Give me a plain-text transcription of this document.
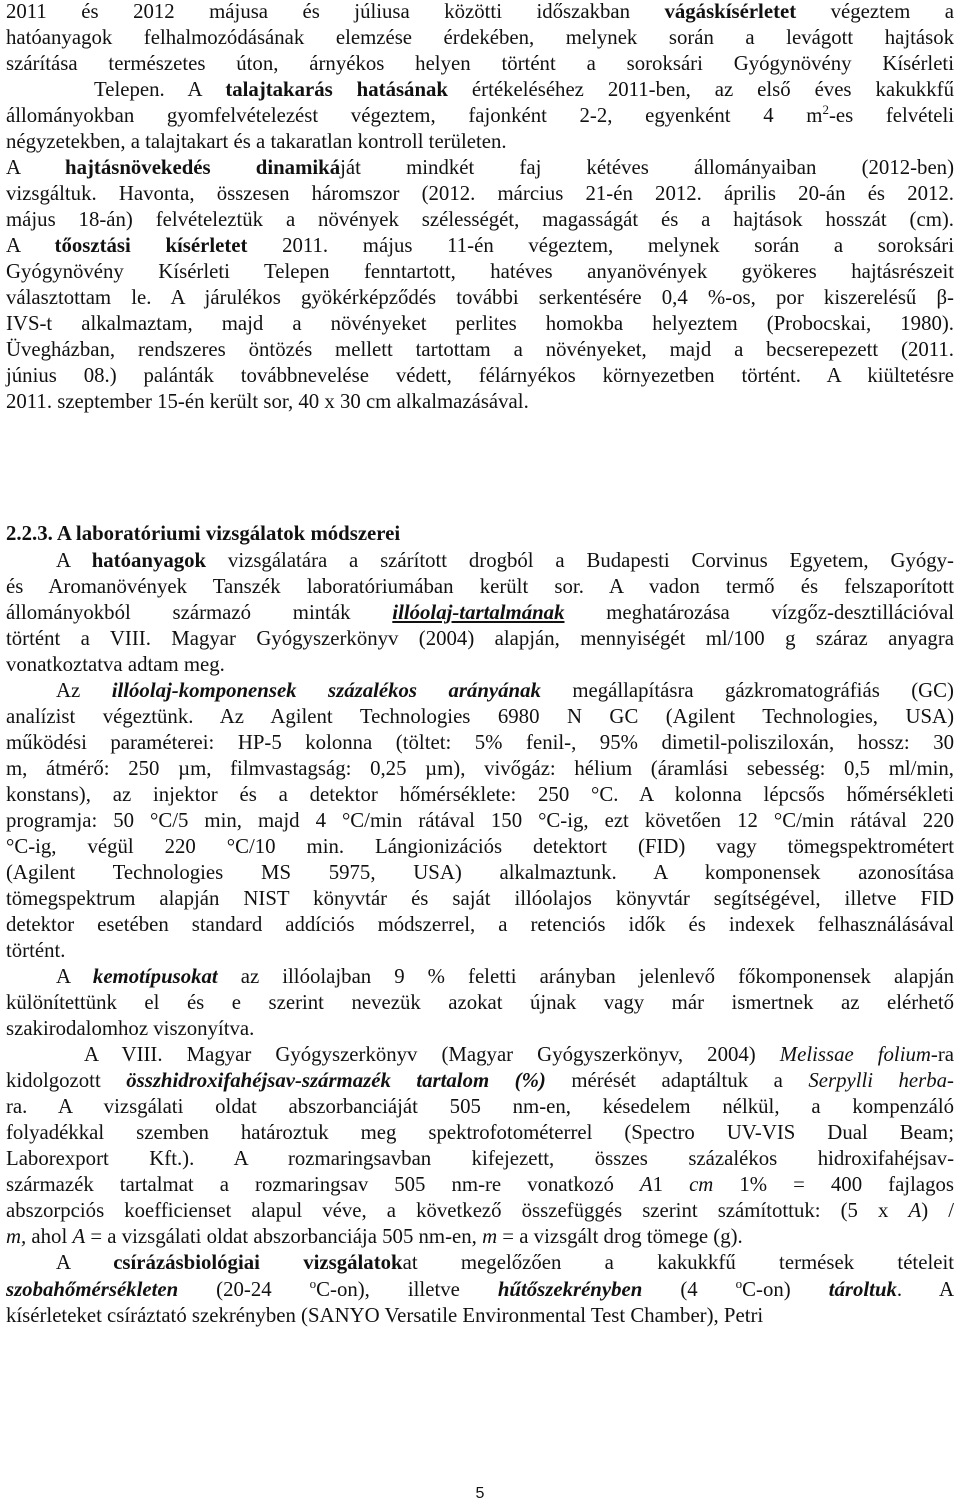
2011 és 2012 májusa és júliusa közötti időszakban vágáskísérletet végeztem a
hatóanyagok felhalmozódásának elemzése érdekében, melynek során a levágott hajtások
szárítása természetes úton, árnyékos helyen történt a soroksári Gyógynövény Kísérleti
Telepen. A talajtakarás hatásának értékeléséhez 2011-ben, az első éves kakukkfű
állományokban gyomfelvételezést végeztem, fajonként 2-2, egyenként 4 $m^2-es$ felvételi
négyzetekben, a talajtakart és a takaratlan kontroll területen.
A hajtásnövekedés dinamikáját mindkét faj kétéves állományaiban (2012-ben)
vizsgáltuk. Havonta, összesen háromszor (2012. március 21-én 2012. április 20-án és 2012.
május 18-án) felvételeztük a növények szélességét, magasságát és a hajtások hosszát (cm).
A tőosztási kísérletet 2011. május 11-én végeztem, melynek során a soroksári
Gyógynövény Kísérleti Telepen fenntartott, hatéves anyanövények gyökeres hajtásrészeit
választottam le. A járulékos gyökérképződés további serkentésére 0,4 %-os, por kiszerelésű β-
IVS-t alkalmaztam, majd a növényeket perlites homokba helyeztem (Probocskai, 1980).
Üvegházban, rendszeres öntözés mellett tartottam a növényeket, majd a becserepezett (2011.
június 08.) palánták továbbnevelése védett, félárnyékos környezetben történt. A kiültetésre
2011. szeptember 15-én került sor, 40 x 30 cm alkalmazásával.
A hatóanyagok vizsgálatára a szárított drogból a Budapesti Corvinus Egyetem, Gyógy-
és Aromanövények Tanszék laboratóriumában került sor. A vadon termő és felszaporított
állományokból származó minták illóolaj-tartalmának meghatározása vízgőz-desztillációval
történt a VIII. Magyar Gyógyszerkönyv (2004) alapján, mennyiségét ml/100 g száraz anyagra
vonatkoztatva adtam meg.
Az illóolaj-komponensek százalékos arányának megállapításra gázkromatográfiás (GC)
analízist végeztünk. Az Agilent Technologies 6980 N GC (Agilent Technologies, USA)
működési paraméterei: HP-5 kolonna (töltet: 5% fenil-, 95% dimetil-polisziloxán, hossz: 30
m, átmérő: 250 µm, filmvastagság: 0,25 µm), vivőgáz: hélium (áramlási sebesség: 0,5 ml/min,
konstans), az injektor és a detektor hőmérséklete: 250 °C. A kolonna lépcsős hőmérsékleti
programja: 50 °C/5 min, majd 4 °C/min rátával 150 °C-ig, ezt követően 12 °C/min rátával 220
°C-ig, végül 220 °C/10 min. Lángionizációs detektort (FID) vagy tömegspektrométert
(Agilent Technologies MS 5975, USA) alkalmaztunk. A komponensek azonosítása
tömegspektrum alapján NIST könyvtár és saját illóolajos könyvtár segítségével, illetve FID
detektor esetében standard addíciós módszerrel, a retenciós idők és indexek felhasználásával
történt.
A kemotípusokat az illóolajban 9 % feletti arányban jelenlevő főkomponensek alapján
különítettünk el és e szerint nevezük azokat újnak vagy már ismertnek az elérhető
szakirodalomhoz viszonyítva.
A VIII. Magyar Gyógyszerkönyv (Magyar Gyógyszerkönyv, 2004) Melissae folium-ra
kidolgozott összhidroxifahéjsav-származék tartalom (%) mérését adaptáltuk a Serpylli herba-
ra. A vizsgálati oldat abszorbanciáját 505 nm-en, késedelem nélkül, a kompenzáló
folyadékkal szemben határoztuk meg spektrofotométerrel (Spectro UV-VIS Dual Beam;
Laborexport Kft.). A rozmaringsavban kifejezett, összes százalékos hidroxifahéjsav-
származék tartalmat a rozmaringsav 505 nm-re vonatkozó A1 cm 1% = 400 fajlagos
abszorpciós koefficienset alapul véve, a következő összefüggés szerint számítottuk: (5 x A) /
m, ahol A = a vizsgálati oldat abszorbanciája 505 nm-en, m = a vizsgált drog tömege (g).
A csírázásbiológiai vizsgálatokat megelőzően a kakukkfű termések tételeit
szobahőmérsékleten (20-24 $^o$C-on), illetve hűtőszekrényben (4 $^o$C-on) tároltuk. A
kísérleteket csíráztató szekrényben (SANYO Versatile Environmental Test Chamber), Petri
2.2.3. A laboratóriumi vizsgálatok módszerei
5
